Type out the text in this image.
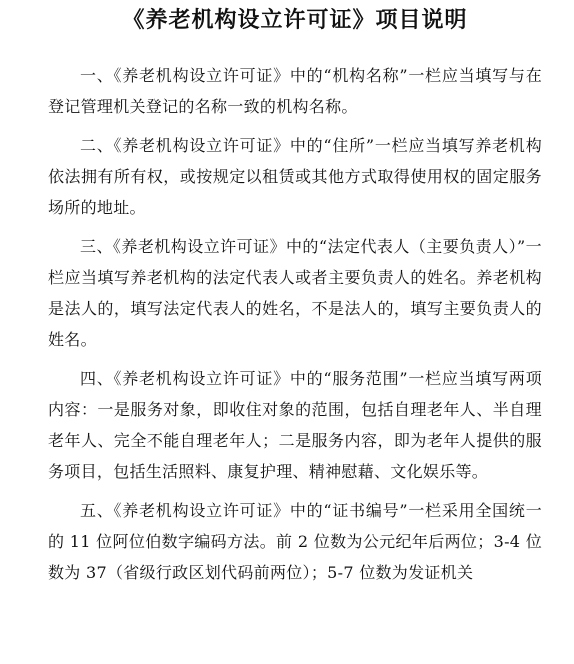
《养老机构设立许可证》项目说明

一、《养老机构设立许可证》中的“机构名称”一栏应当填写与在登记管理机关登记的名称一致的机构名称。

二、《养老机构设立许可证》中的“住所”一栏应当填写养老机构依法拥有所有权，或按规定以租赁或其他方式取得使用权的固定服务场所的地址。

三、《养老机构设立许可证》中的“法定代表人（主要负责人）”一栏应当填写养老机构的法定代表人或者主要负责人的姓名。养老机构是法人的，填写法定代表人的姓名，不是法人的，填写主要负责人的姓名。

四、《养老机构设立许可证》中的“服务范围”一栏应当填写两项内容：一是服务对象，即收住对象的范围，包括自理老年人、半自理老年人、完全不能自理老年人；二是服务内容，即为老年人提供的服务项目，包括生活照料、康复护理、精神慰藉、文化娱乐等。

五、《养老机构设立许可证》中的“证书编号”一栏采用全国统一的 11 位阿位伯数字编码方法。前 2 位数为公元纪年后两位；3-4 位数为 37（省级行政区划代码前两位）；5-7 位数为发证机关
